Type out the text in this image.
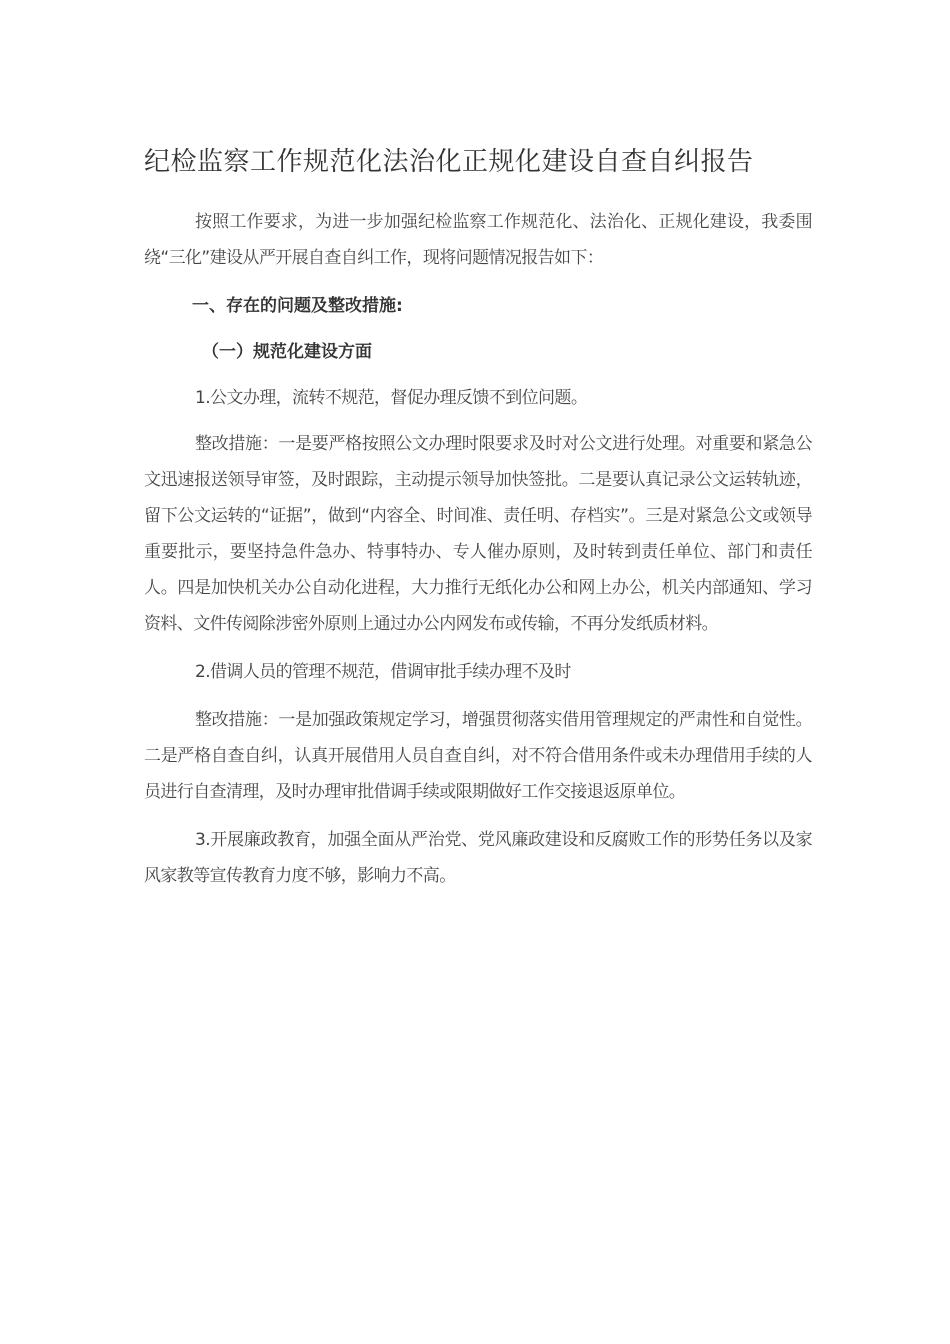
纪检监察工作规范化法治化正规化建设自查自纠报告

按照工作要求，为进一步加强纪检监察工作规范化、法治化、正规化建设，我委围绕“三化”建设从严开展自查自纠工作，现将问题情况报告如下：

一、存在的问题及整改措施:

（一）规范化建设方面

1.公文办理，流转不规范，督促办理反馈不到位问题。

整改措施：一是要严格按照公文办理时限要求及时对公文进行处理。对重要和紧急公文迅速报送领导审签，及时跟踪，主动提示领导加快签批。二是要认真记录公文运转轨迹，留下公文运转的“证据”，做到“内容全、时间准、责任明、存档实”。三是对紧急公文或领导重要批示，要坚持急件急办、特事特办、专人催办原则，及时转到责任单位、部门和责任人。四是加快机关办公自动化进程，大力推行无纸化办公和网上办公，机关内部通知、学习资料、文件传阅除涉密外原则上通过办公内网发布或传输，不再分发纸质材料。

2.借调人员的管理不规范，借调审批手续办理不及时

整改措施：一是加强政策规定学习，增强贯彻落实借用管理规定的严肃性和自觉性。二是严格自查自纠，认真开展借用人员自查自纠，对不符合借用条件或未办理借用手续的人员进行自查清理，及时办理审批借调手续或限期做好工作交接退返原单位。

3.开展廉政教育，加强全面从严治党、党风廉政建设和反腐败工作的形势任务以及家风家教等宣传教育力度不够，影响力不高。
